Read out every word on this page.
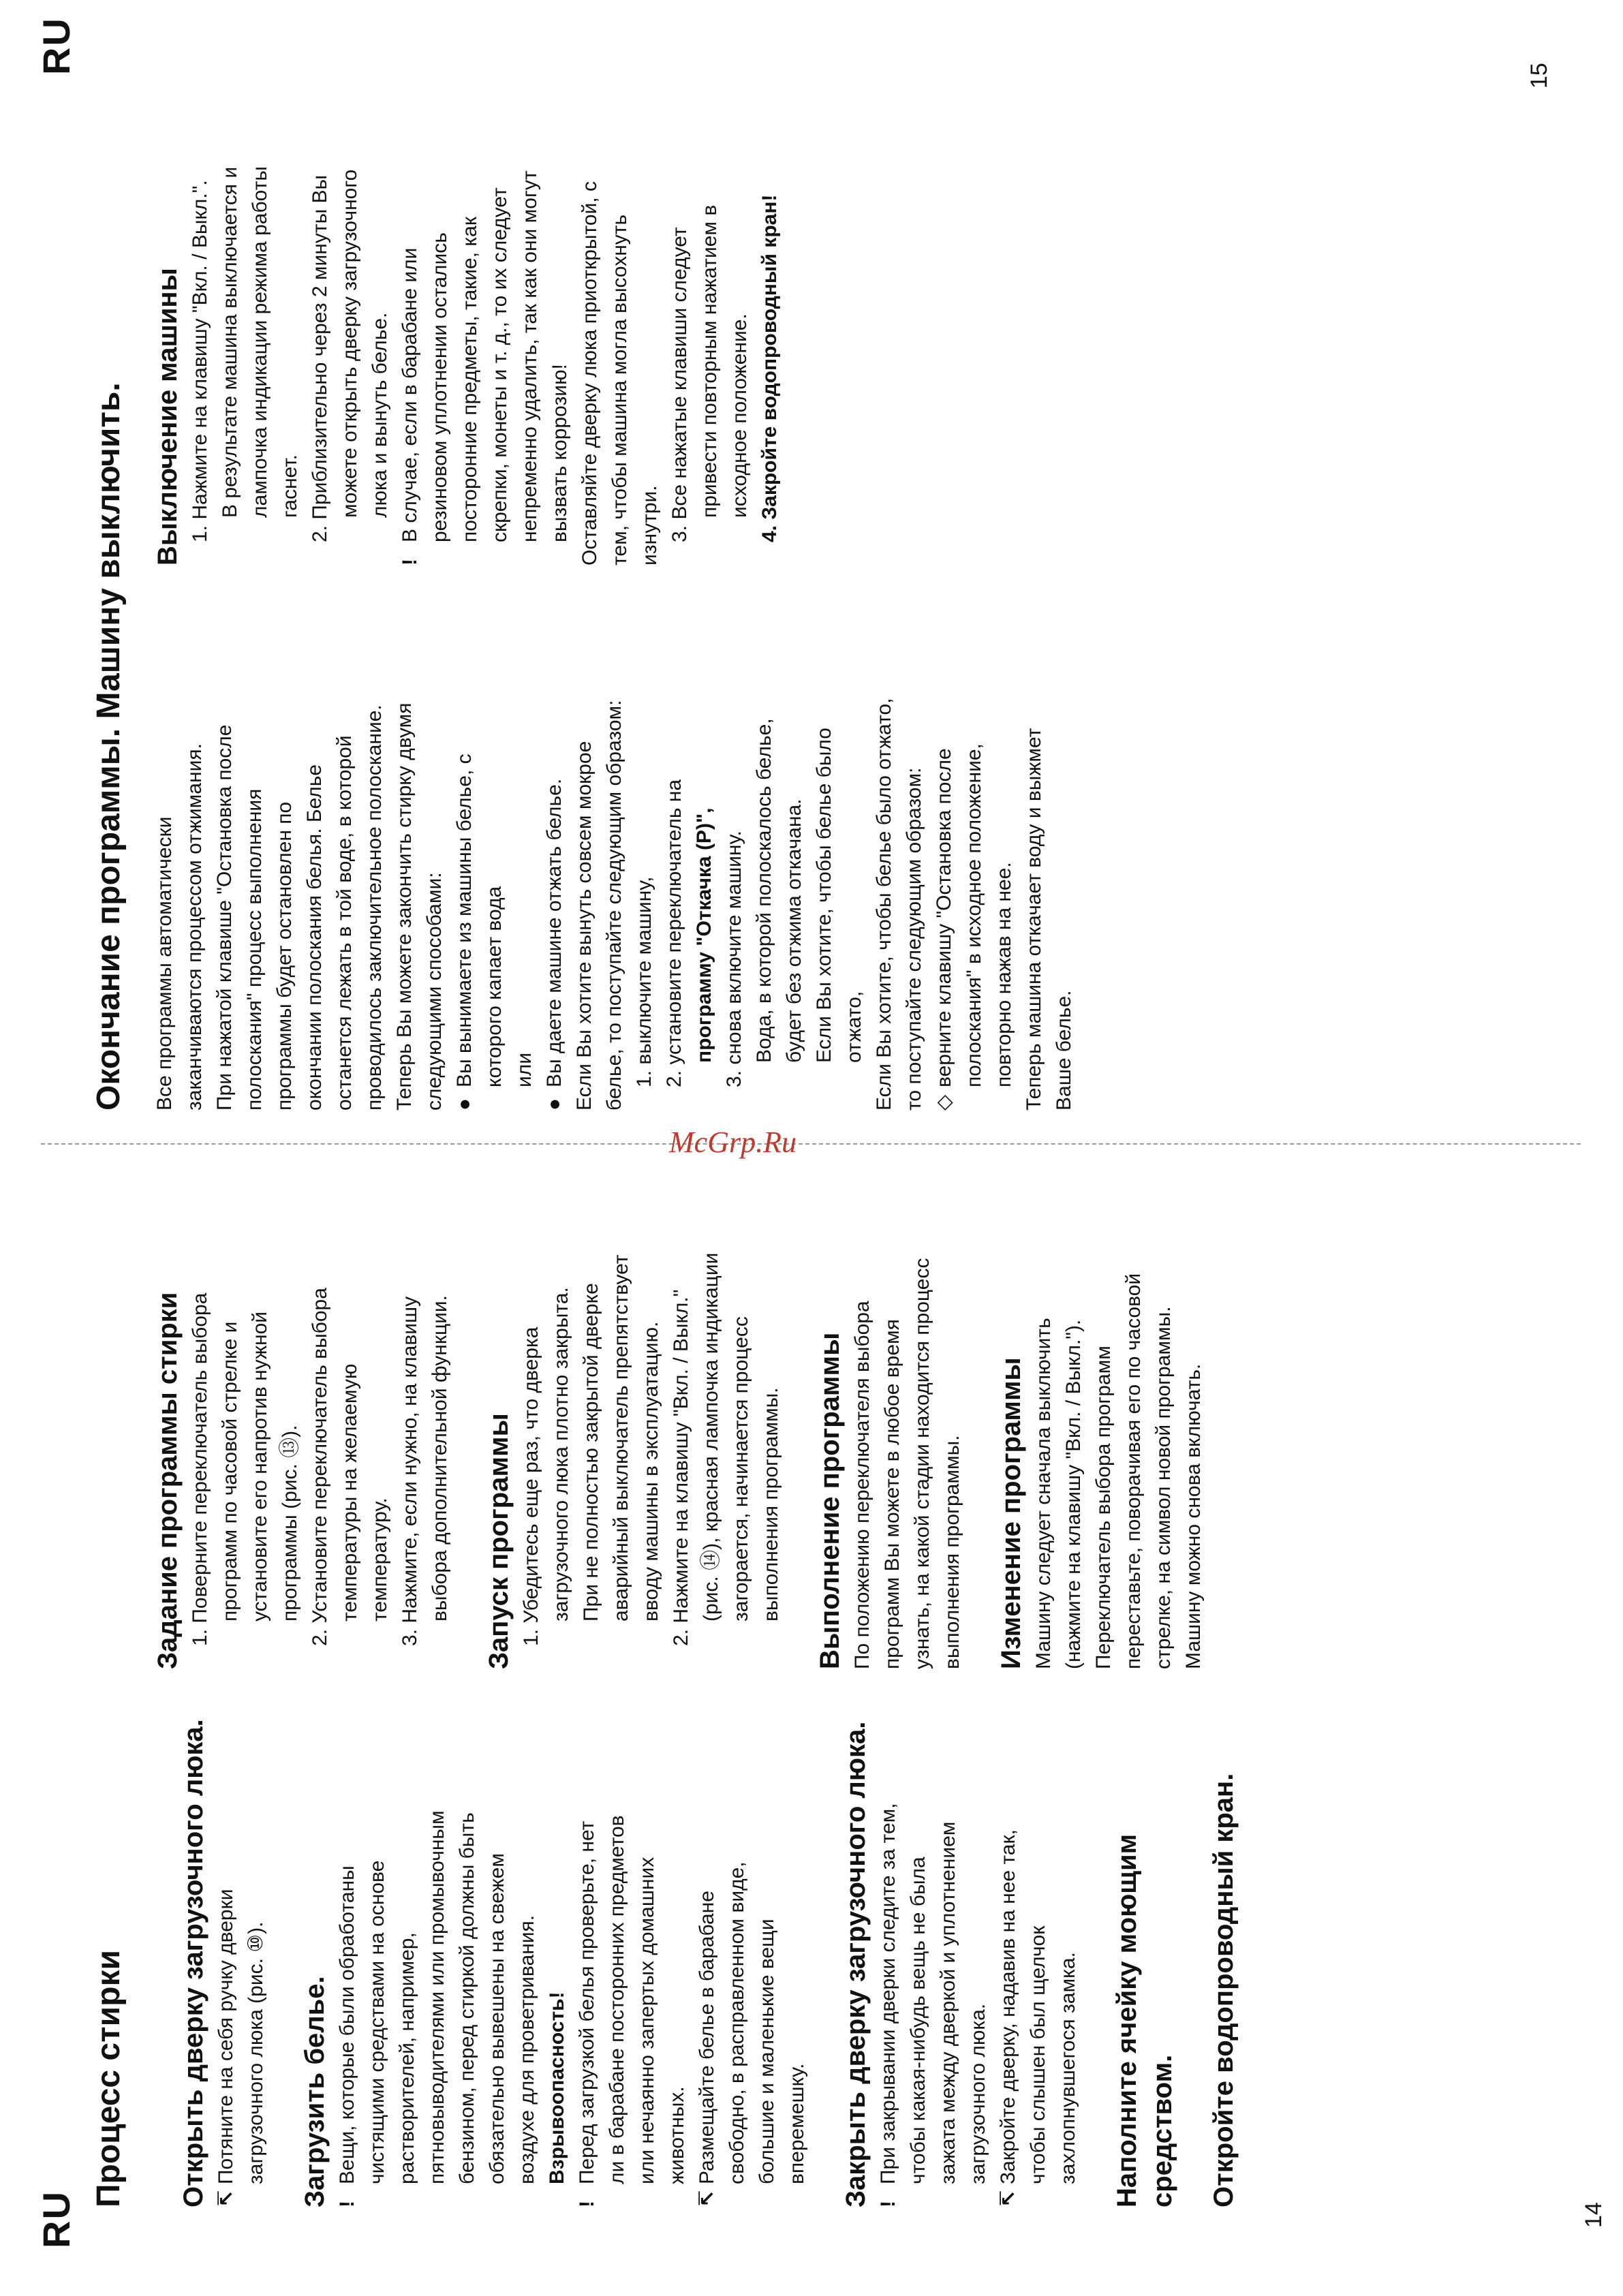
RU	14

Процесс стирки Открыть дверку загрузочного люка. ↸Потяните на себя ручку дверки загрузочного люка (рис. ⑩). Загрузить белье. !Вещи, которые были обработаны чистящими средствами на основе растворителей, например, пятновыводителями или промывочным бензином, перед стиркой должны быть обязательно вывешены на свежем воздухе для проветривания. Взрывоопасность!

!Перед загрузкой белья проверьте, нет ли в барабане посторонних предметов или нечаянно запертых домашних животных.

↸Размещайте белье в барабане свободно, в расправленном виде, большие и маленькие вещи вперемешку. Закрыть дверку загрузочного люка. !При закрывании дверки следите за тем, чтобы какая-нибудь вещь не была зажата между дверкой и уплотнением загрузочного люка.

↸Закройте дверку, надавив на нее так, чтобы слышен был щелчок захлопнувшегося замка. Наполните ячейку моющим средством. Откройте водопроводный кран.

Задание программы стирки 1. Поверните переключатель выбора программ по часовой стрелке и установите его напротив нужной программы (рис. ⑬). 2. Установите переключатель выбора температуры на желаемую температуру. 3. Нажмите, если нужно, на клавишу выбора дополнительной функции. Запуск программы 1. Убедитесь еще раз, что дверка загрузочного люка плотно закрыта. При не полностью закрытой дверке аварийный выключатель препятствует вводу машины в эксплуатацию. 2. Нажмите на клавишу "Вкл. / Выкл." (рис. ⑭), красная лампочка индикации загорается, начинается процесс выполнения программы. Выполнение программы По положению переключателя выбора программ Вы можете в любое время узнать, на какой стадии находится процесс выполнения программы. Изменение программы Машину следует сначала выключить (нажмите на клавишу "Вкл. / Выкл."). Переключатель выбора программ переставьте, поворачивая его по часовой стрелке, на символ новой программы. Машину можно снова включать.

McGrp.Ru

Окончание программы. Машину выключить. Все программы автоматически заканчиваются процессом отжимания. При нажатой клавише "Остановка после полоскания" процесс выполнения программы будет остановлен по окончании полоскания белья. Белье останется лежать в той воде, в которой проводилось заключительное полоскание. Теперь Вы можете закончить стирку двумя следующими способами: ●Вы вынимаете из машины белье, с которого капает вода или

●Вы даете машине отжать белье. Если Вы хотите вынуть совсем мокрое белье, то поступайте следующим образом: 1. выключите машину, 2. установите переключатель на программу "Откачка (P)", 3. снова включите машину. Вода, в которой полоскалось белье, будет без отжима откачана. Если Вы хотите, чтобы белье было отжато, Если Вы хотите, чтобы белье было отжато, то поступайте следующим образом: ◇верните клавишу "Остановка после полоскания" в исходное положение, повторно нажав на нее. Теперь машина откачает воду и выжмет Ваше белье.

Выключение машины 1. Нажмите на клавишу "Вкл. / Выкл.". В результате машина выключается и лампочка индикации режима работы гаснет. 2. Приблизительно через 2 минуты Вы можете открыть дверку загрузочного люка и вынуть белье.

!В случае, если в барабане или резиновом уплотнении остались посторонние предметы, такие, как скрепки, монеты и т. д., то их следует непременно удалить, так как они могут вызвать коррозию! Оставляйте дверку люка приоткрытой, с тем, чтобы машина могла высохнуть изнутри. 3. Все нажатые клавиши следует привести повторным нажатием в исходное положение. 4. Закройте водопроводный кран!

RU
15
